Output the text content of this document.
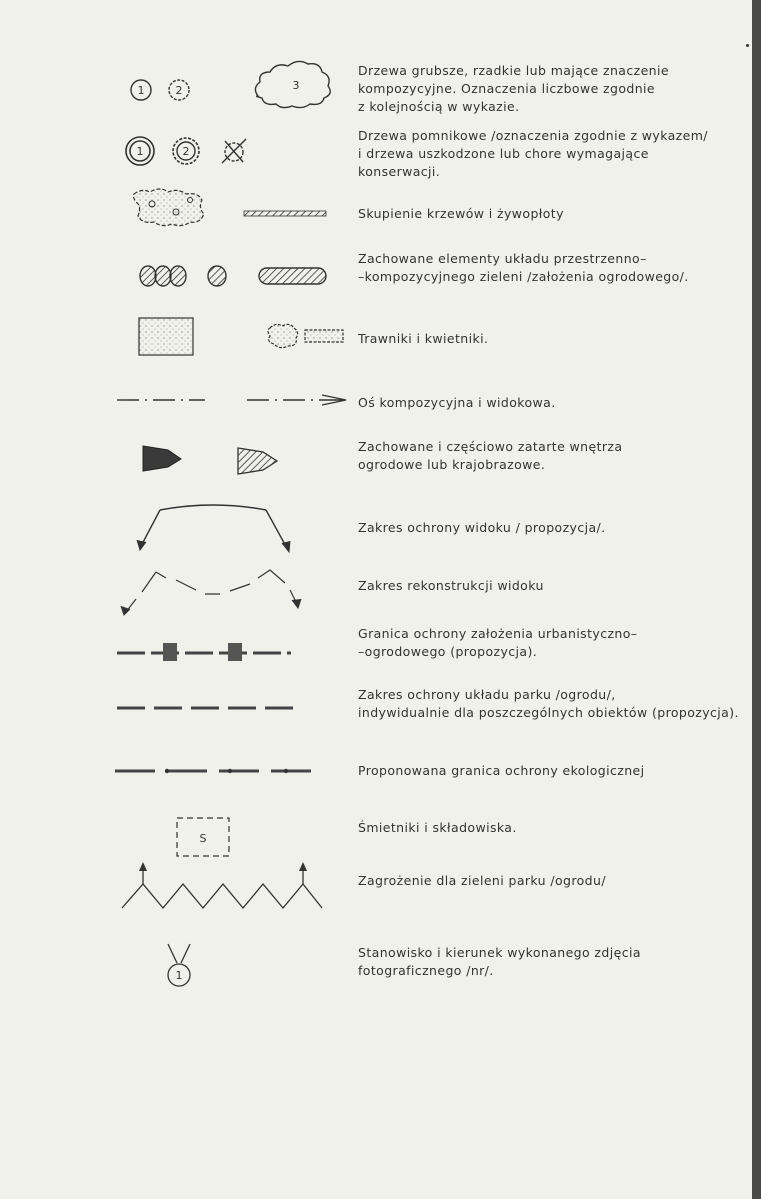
1	2	3
1	2
S
1
Drzewa grubsze, rzadkie lub mające znaczenie
kompozycyjne. Oznaczenia liczbowe zgodnie
z kolejnością w wykazie.
Drzewa pomnikowe /oznaczenia zgodnie z wykazem/
i drzewa uszkodzone lub chore wymagające
konserwacji.
Skupienie krzewów i żywopłoty
Zachowane elementy układu przestrzenno–
–kompozycyjnego zieleni /założenia ogrodowego/.
Trawniki i kwietniki.
Oś kompozycyjna i widokowa.
Zachowane i częściowo zatarte wnętrza
ogrodowe lub krajobrazowe.
Zakres ochrony widoku / propozycja/.
Zakres rekonstrukcji widoku
Granica ochrony założenia urbanistyczno–
–ogrodowego (propozycja).
Zakres ochrony układu parku /ogrodu/,
indywidualnie dla poszczególnych obiektów (propozycja).
Proponowana granica ochrony ekologicznej
Śmietniki i składowiska.
Zagrożenie dla zieleni parku /ogrodu/
Stanowisko i kierunek wykonanego zdjęcia
fotograficznego /nr/.
